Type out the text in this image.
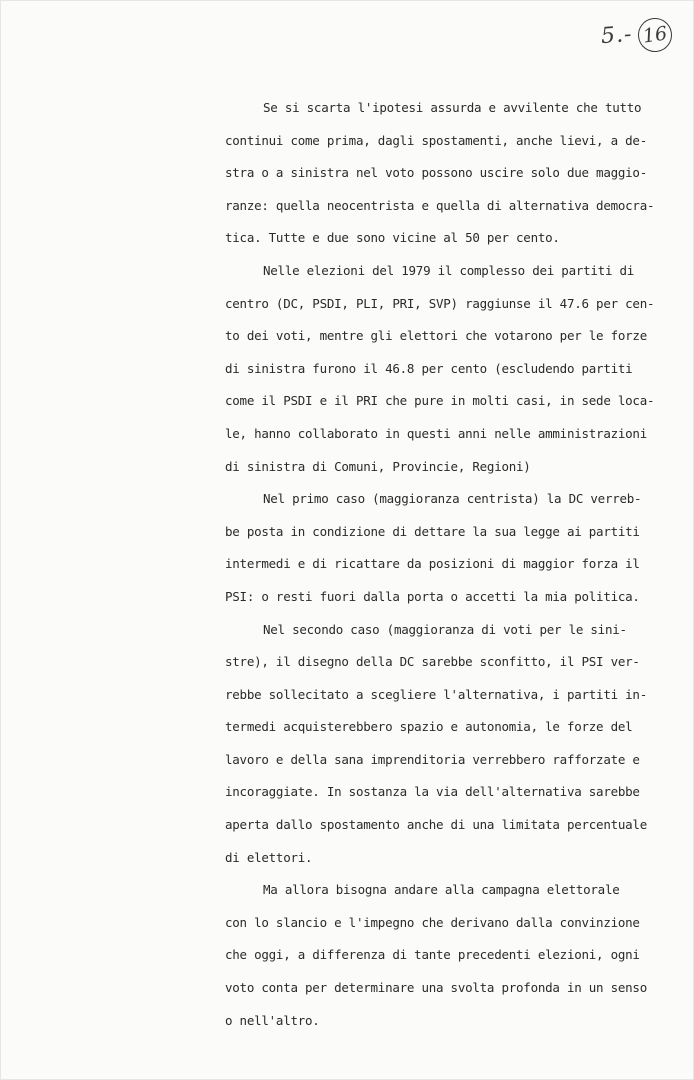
5.- 16
Se si scarta l'ipotesi assurda e avvilente che tutto
continui come prima, dagli spostamenti, anche lievi, a de-
stra o a sinistra nel voto possono uscire solo due maggio-
ranze: quella neocentrista e quella di alternativa democra-
tica. Tutte e due sono vicine al 50 per cento.
Nelle elezioni del 1979 il complesso dei partiti di
centro (DC, PSDI, PLI, PRI, SVP) raggiunse il 47.6 per cen-
to dei voti, mentre gli elettori che votarono per le forze
di sinistra furono il 46.8 per cento (escludendo partiti
come il PSDI e il PRI che pure in molti casi, in sede loca-
le, hanno collaborato in questi anni nelle amministrazioni
di sinistra di Comuni, Provincie, Regioni)
Nel primo caso (maggioranza centrista) la DC verreb-
be posta in condizione di dettare la sua legge ai partiti
intermedi e di ricattare da posizioni di maggior forza il
PSI: o resti fuori dalla porta o accetti la mia politica.
Nel secondo caso (maggioranza di voti per le sini-
stre), il disegno della DC sarebbe sconfitto, il PSI ver-
rebbe sollecitato a scegliere l'alternativa, i partiti in-
termedi acquisterebbero spazio e autonomia, le forze del
lavoro e della sana imprenditoria verrebbero rafforzate e
incoraggiate. In sostanza la via dell'alternativa sarebbe
aperta dallo spostamento anche di una limitata percentuale
di elettori.
Ma allora bisogna andare alla campagna elettorale
con lo slancio e l'impegno che derivano dalla convinzione
che oggi, a differenza di tante precedenti elezioni, ogni
voto conta per determinare una svolta profonda in un senso
o nell'altro.
